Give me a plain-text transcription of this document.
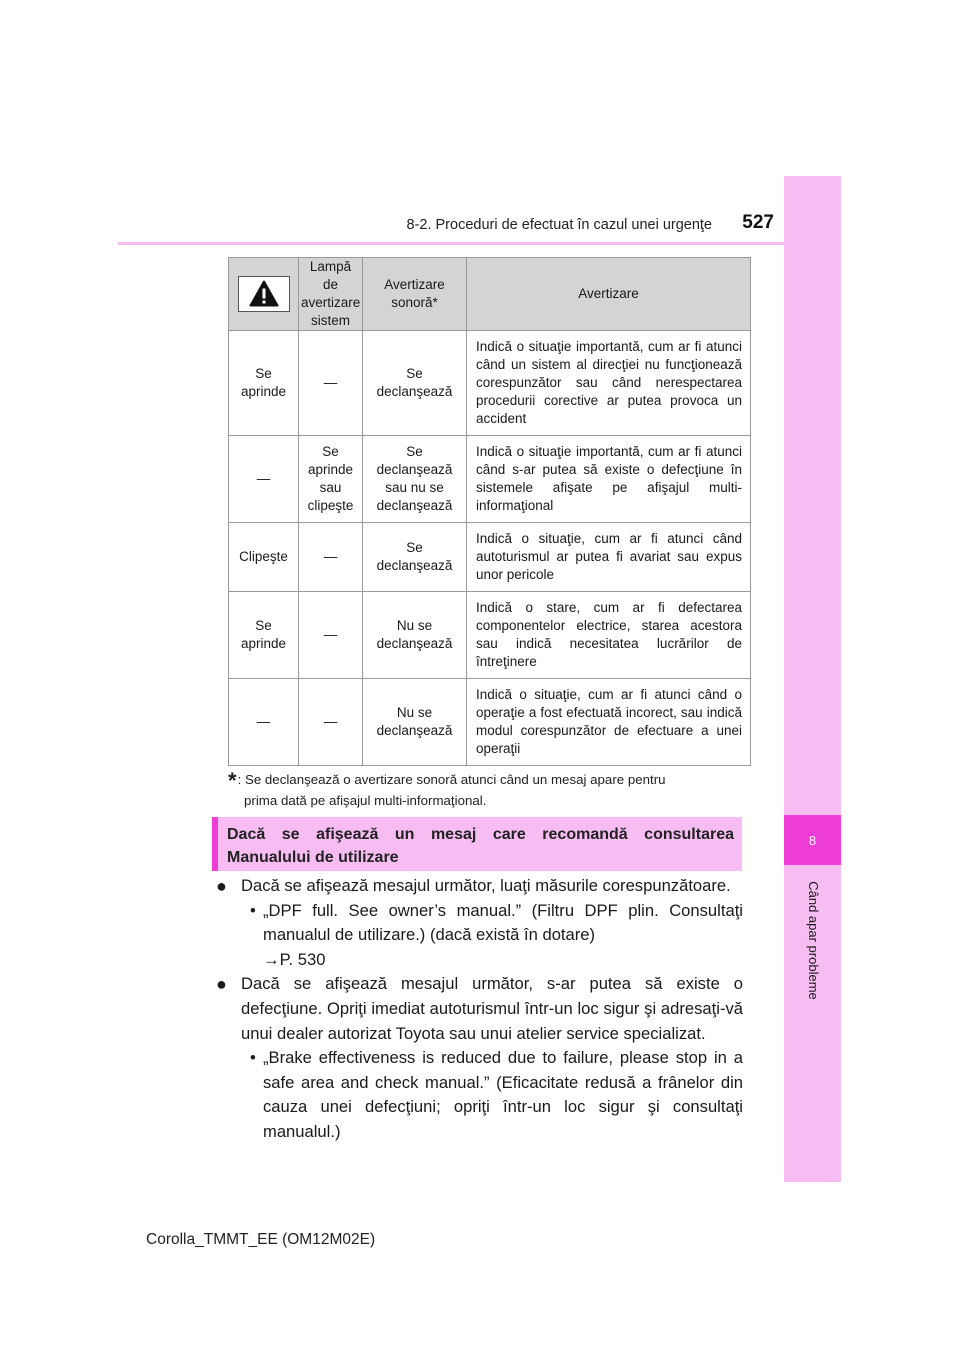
8
Când apar probleme
8-2. Proceduri de efectuat în cazul unei urgenţe	527
	Lampă de avertizare sistem	Avertizare sonoră*	Avertizare
Se aprinde	—	Se declanşează	Indică o situaţie importantă, cum ar fi atunci când un sistem al direcţiei nu funcţionează corespunzător sau când nerespectarea procedurii corective ar putea provoca un accident
—	Se aprinde sau clipeşte	Se declanşează sau nu se declanşează	Indică o situaţie importantă, cum ar fi atunci când s-ar putea să existe o defecţiune în sistemele afişate pe afişajul multi-informaţional
Clipeşte	—	Se declanşează	Indică o situaţie, cum ar fi atunci când autoturismul ar putea fi avariat sau expus unor pericole
Se aprinde	—	Nu se declanşează	Indică o stare, cum ar fi defectarea componentelor electrice, starea acestora sau indică necesitatea lucrărilor de întreţinere
—	—	Nu se declanşează	Indică o situaţie, cum ar fi atunci când o operaţie a fost efectuată incorect, sau indică modul corespunzător de efectuare a unei operaţii
*: Se declanşează o avertizare sonoră atunci când un mesaj apare pentru
prima dată pe afişajul multi-informaţional.
Dacă se afişează un mesaj care recomandă consultarea
Manualului de utilizare
● Dacă se afişează mesajul următor, luaţi măsurile corespunzătoare.
• „DPF full. See owner’s manual.” (Filtru DPF plin. Consultaţi manualul de utilizare.) (dacă există în dotare)
→P. 530
● Dacă se afişează mesajul următor, s-ar putea să existe o defecţiune. Opriţi imediat autoturismul într-un loc sigur şi adresaţi-vă unui dealer autorizat Toyota sau unui atelier service specializat.
• „Brake effectiveness is reduced due to failure, please stop in a safe area and check manual.” (Eficacitate redusă a frânelor din cauza unei defecţiuni; opriţi într-un loc sigur şi consultaţi manualul.)
Corolla_TMMT_EE (OM12M02E)
